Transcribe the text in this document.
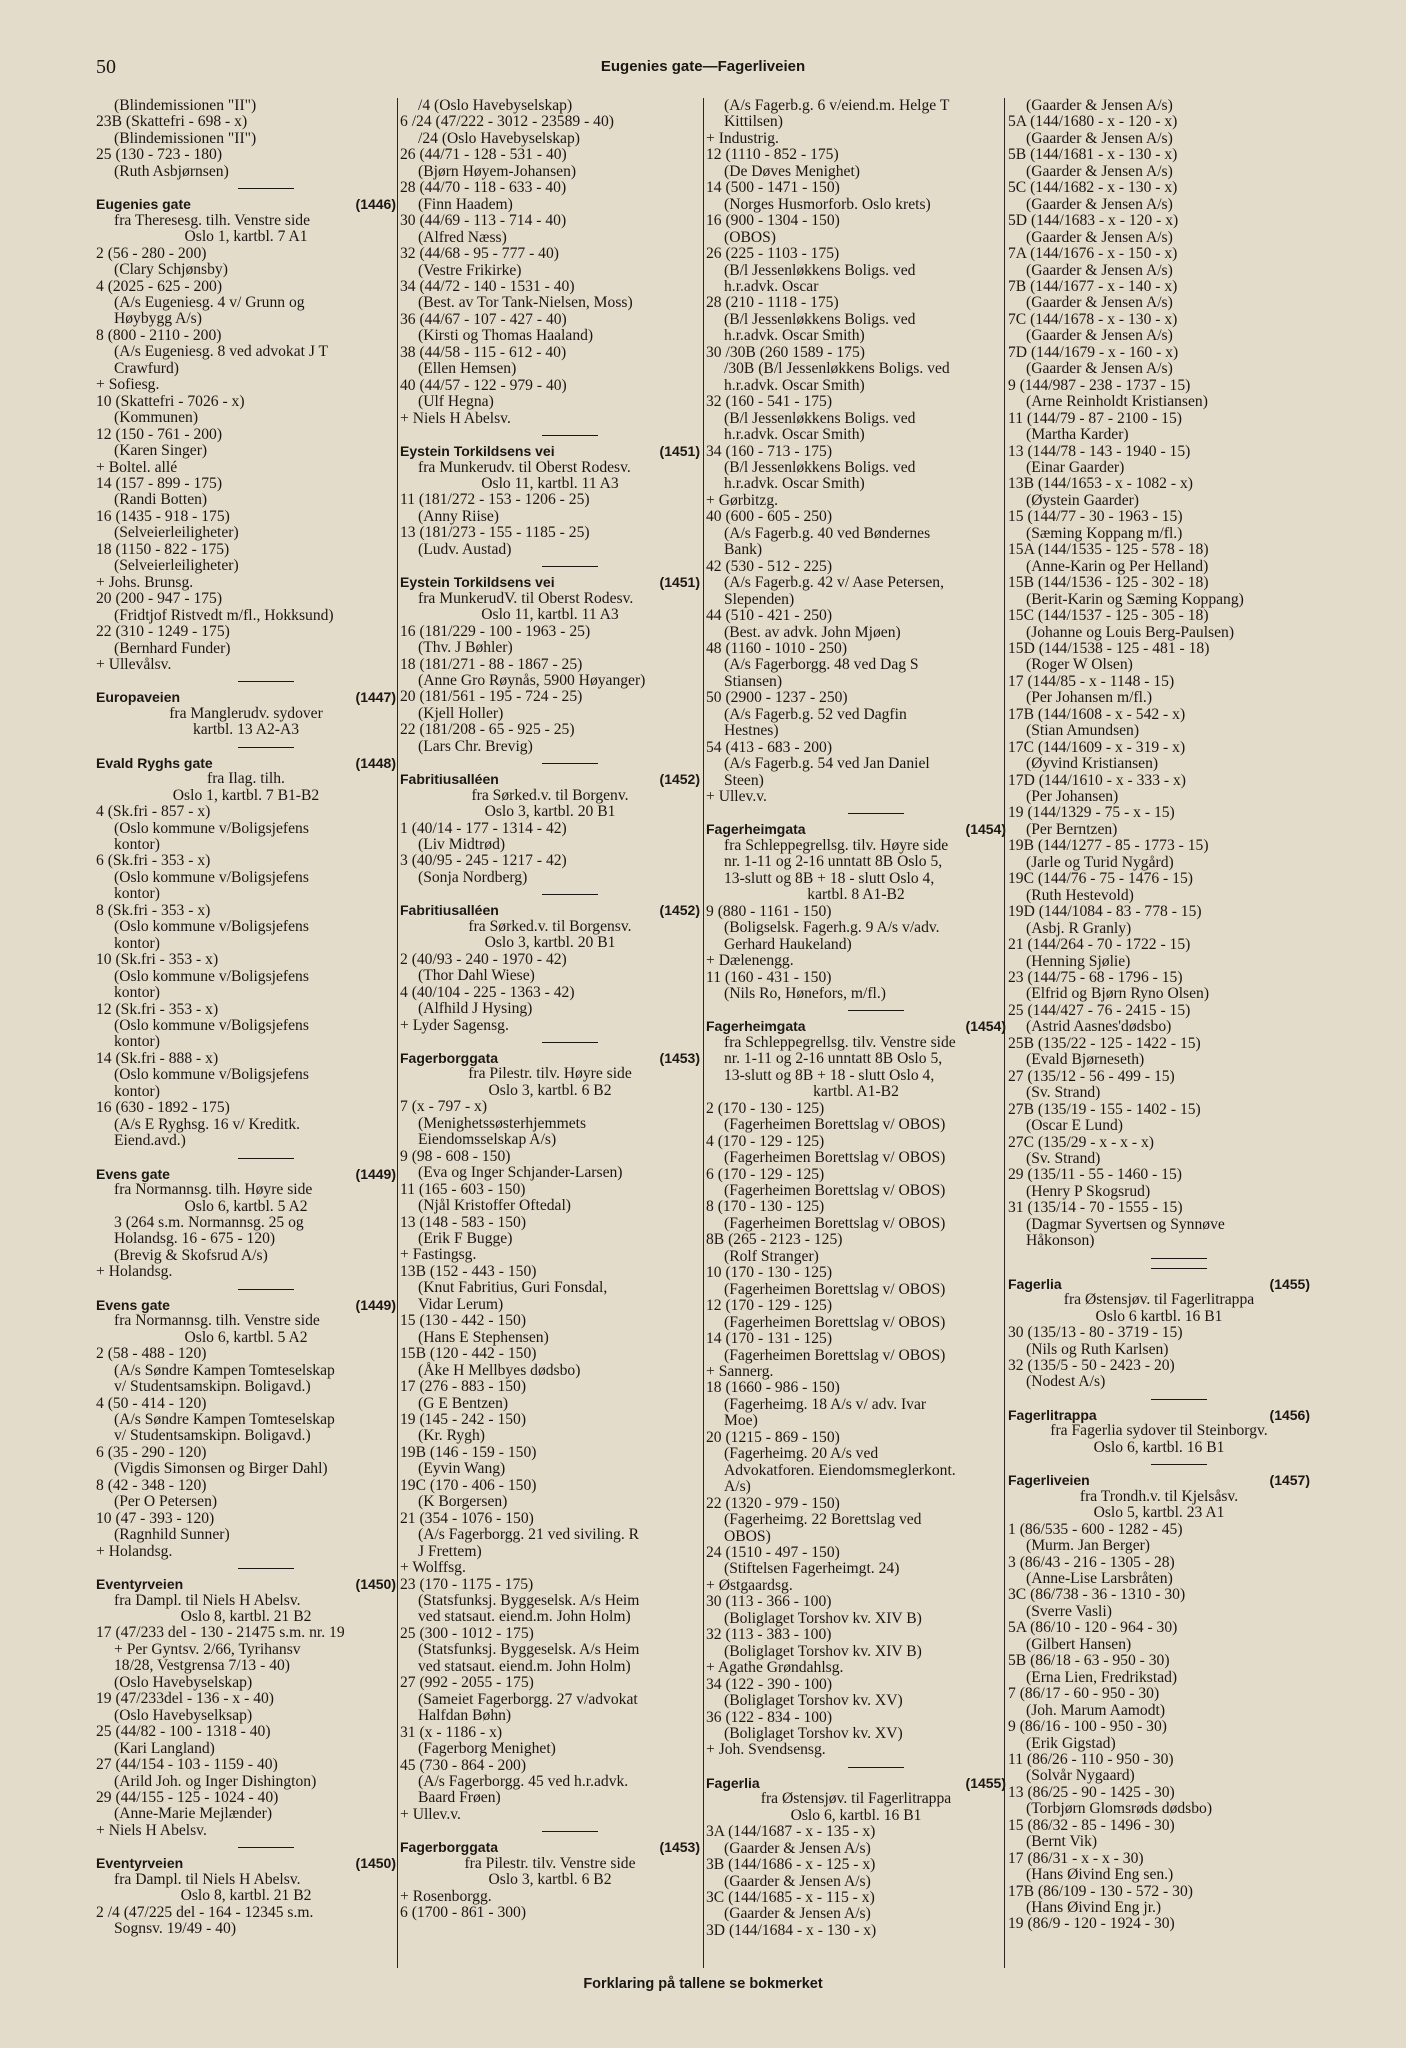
50	Eugenies gate—Fagerliveien
(Blindemissionen "II")
23B (Skattefri - 698 - x)
(Blindemissionen "II")
25 (130 - 723 - 180)
(Ruth Asbjørnsen)
Eugenies gate	(1446)
fra Theresesg. tilh. Venstre side
Oslo 1, kartbl. 7 A1
2 (56 - 280 - 200)
(Clary Schjønsby)
4 (2025 - 625 - 200)
(A/s Eugeniesg. 4 v/ Grunn og
Høybygg A/s)
8 (800 - 2110 - 200)
(A/s Eugeniesg. 8 ved advokat J T
Crawfurd)
+ Sofiesg.
10 (Skattefri - 7026 - x)
(Kommunen)
12 (150 - 761 - 200)
(Karen Singer)
+ Boltel. allé
14 (157 - 899 - 175)
(Randi Botten)
16 (1435 - 918 - 175)
(Selveierleiligheter)
18 (1150 - 822 - 175)
(Selveierleiligheter)
+ Johs. Brunsg.
20 (200 - 947 - 175)
(Fridtjof Ristvedt m/fl., Hokksund)
22 (310 - 1249 - 175)
(Bernhard Funder)
+ Ullevålsv.
Europaveien	(1447)
fra Manglerudv. sydover
kartbl. 13 A2-A3
Evald Ryghs gate	(1448)
fra Ilag. tilh.
Oslo 1, kartbl. 7 B1-B2
4 (Sk.fri - 857 - x)
(Oslo kommune v/Boligsjefens
kontor)
6 (Sk.fri - 353 - x)
(Oslo kommune v/Boligsjefens
kontor)
8 (Sk.fri - 353 - x)
(Oslo kommune v/Boligsjefens
kontor)
10 (Sk.fri - 353 - x)
(Oslo kommune v/Boligsjefens
kontor)
12 (Sk.fri - 353 - x)
(Oslo kommune v/Boligsjefens
kontor)
14 (Sk.fri - 888 - x)
(Oslo kommune v/Boligsjefens
kontor)
16 (630 - 1892 - 175)
(A/s E Ryghsg. 16 v/ Kreditk.
Eiend.avd.)
Evens gate	(1449)
fra Normannsg. tilh. Høyre side
Oslo 6, kartbl. 5 A2
3 (264 s.m. Normannsg. 25 og
Holandsg. 16 - 675 - 120)
(Brevig & Skofsrud A/s)
+ Holandsg.
Evens gate	(1449)
fra Normannsg. tilh. Venstre side
Oslo 6, kartbl. 5 A2
2 (58 - 488 - 120)
(A/s Søndre Kampen Tomteselskap
v/ Studentsamskipn. Boligavd.)
4 (50 - 414 - 120)
(A/s Søndre Kampen Tomteselskap
v/ Studentsamskipn. Boligavd.)
6 (35 - 290 - 120)
(Vigdis Simonsen og Birger Dahl)
8 (42 - 348 - 120)
(Per O Petersen)
10 (47 - 393 - 120)
(Ragnhild Sunner)
+ Holandsg.
Eventyrveien	(1450)
fra Dampl. til Niels H Abelsv.
Oslo 8, kartbl. 21 B2
17 (47/233 del - 130 - 21475 s.m. nr. 19
+ Per Gyntsv. 2/66, Tyrihansv
18/28, Vestgrensa 7/13 - 40)
(Oslo Havebyselskap)
19 (47/233del - 136 - x - 40)
(Oslo Havebyselksap)
25 (44/82 - 100 - 1318 - 40)
(Kari Langland)
27 (44/154 - 103 - 1159 - 40)
(Arild Joh. og Inger Dishington)
29 (44/155 - 125 - 1024 - 40)
(Anne-Marie Mejlænder)
+ Niels H Abelsv.
Eventyrveien	(1450)
fra Dampl. til Niels H Abelsv.
Oslo 8, kartbl. 21 B2
2 /4 (47/225 del - 164 - 12345 s.m.
Sognsv. 19/49 - 40)
/4 (Oslo Havebyselskap)
6 /24 (47/222 - 3012 - 23589 - 40)
/24 (Oslo Havebyselskap)
26 (44/71 - 128 - 531 - 40)
(Bjørn Høyem-Johansen)
28 (44/70 - 118 - 633 - 40)
(Finn Haadem)
30 (44/69 - 113 - 714 - 40)
(Alfred Næss)
32 (44/68 - 95 - 777 - 40)
(Vestre Frikirke)
34 (44/72 - 140 - 1531 - 40)
(Best. av Tor Tank-Nielsen, Moss)
36 (44/67 - 107 - 427 - 40)
(Kirsti og Thomas Haaland)
38 (44/58 - 115 - 612 - 40)
(Ellen Hemsen)
40 (44/57 - 122 - 979 - 40)
(Ulf Hegna)
+ Niels H Abelsv.
Eystein Torkildsens vei	(1451)
fra Munkerudv. til Oberst Rodesv.
Oslo 11, kartbl. 11 A3
11 (181/272 - 153 - 1206 - 25)
(Anny Riise)
13 (181/273 - 155 - 1185 - 25)
(Ludv. Austad)
Eystein Torkildsens vei	(1451)
fra MunkerudV. til Oberst Rodesv.
Oslo 11, kartbl. 11 A3
16 (181/229 - 100 - 1963 - 25)
(Thv. J Bøhler)
18 (181/271 - 88 - 1867 - 25)
(Anne Gro Røynås, 5900 Høyanger)
20 (181/561 - 195 - 724 - 25)
(Kjell Holler)
22 (181/208 - 65 - 925 - 25)
(Lars Chr. Brevig)
Fabritiusalléen	(1452)
fra Sørked.v. til Borgenv.
Oslo 3, kartbl. 20 B1
1 (40/14 - 177 - 1314 - 42)
(Liv Midtrød)
3 (40/95 - 245 - 1217 - 42)
(Sonja Nordberg)
Fabritiusalléen	(1452)
fra Sørked.v. til Borgensv.
Oslo 3, kartbl. 20 B1
2 (40/93 - 240 - 1970 - 42)
(Thor Dahl Wiese)
4 (40/104 - 225 - 1363 - 42)
(Alfhild J Hysing)
+ Lyder Sagensg.
Fagerborggata	(1453)
fra Pilestr. tilv. Høyre side
Oslo 3, kartbl. 6 B2
7 (x - 797 - x)
(Menighetssøsterhjemmets
Eiendomsselskap A/s)
9 (98 - 608 - 150)
(Eva og Inger Schjander-Larsen)
11 (165 - 603 - 150)
(Njål Kristoffer Oftedal)
13 (148 - 583 - 150)
(Erik F Bugge)
+ Fastingsg.
13B (152 - 443 - 150)
(Knut Fabritius, Guri Fonsdal,
Vidar Lerum)
15 (130 - 442 - 150)
(Hans E Stephensen)
15B (120 - 442 - 150)
(Åke H Mellbyes dødsbo)
17 (276 - 883 - 150)
(G E Bentzen)
19 (145 - 242 - 150)
(Kr. Rygh)
19B (146 - 159 - 150)
(Eyvin Wang)
19C (170 - 406 - 150)
(K Borgersen)
21 (354 - 1076 - 150)
(A/s Fagerborgg. 21 ved siviling. R
J Frettem)
+ Wolffsg.
23 (170 - 1175 - 175)
(Statsfunksj. Byggeselsk. A/s Heim
ved statsaut. eiend.m. John Holm)
25 (300 - 1012 - 175)
(Statsfunksj. Byggeselsk. A/s Heim
ved statsaut. eiend.m. John Holm)
27 (992 - 2055 - 175)
(Sameiet Fagerborgg. 27 v/advokat
Halfdan Bøhn)
31 (x - 1186 - x)
(Fagerborg Menighet)
45 (730 - 864 - 200)
(A/s Fagerborgg. 45 ved h.r.advk.
Baard Frøen)
+ Ullev.v.
Fagerborggata	(1453)
fra Pilestr. tilv. Venstre side
Oslo 3, kartbl. 6 B2
+ Rosenborgg.
6 (1700 - 861 - 300)
(A/s Fagerb.g. 6 v/eiend.m. Helge T
Kittilsen)
+ Industrig.
12 (1110 - 852 - 175)
(De Døves Menighet)
14 (500 - 1471 - 150)
(Norges Husmorforb. Oslo krets)
16 (900 - 1304 - 150)
(OBOS)
26 (225 - 1103 - 175)
(B/l Jessenløkkens Boligs. ved
h.r.advk. Oscar
28 (210 - 1118 - 175)
(B/l Jessenløkkens Boligs. ved
h.r.advk. Oscar Smith)
30 /30B (260 1589 - 175)
/30B (B/l Jessenløkkens Boligs. ved
h.r.advk. Oscar Smith)
32 (160 - 541 - 175)
(B/l Jessenløkkens Boligs. ved
h.r.advk. Oscar Smith)
34 (160 - 713 - 175)
(B/l Jessenløkkens Boligs. ved
h.r.advk. Oscar Smith)
+ Gørbitzg.
40 (600 - 605 - 250)
(A/s Fagerb.g. 40 ved Bøndernes
Bank)
42 (530 - 512 - 225)
(A/s Fagerb.g. 42 v/ Aase Petersen,
Slependen)
44 (510 - 421 - 250)
(Best. av advk. John Mjøen)
48 (1160 - 1010 - 250)
(A/s Fagerborgg. 48 ved Dag S
Stiansen)
50 (2900 - 1237 - 250)
(A/s Fagerb.g. 52 ved Dagfin
Hestnes)
54 (413 - 683 - 200)
(A/s Fagerb.g. 54 ved Jan Daniel
Steen)
+ Ullev.v.
Fagerheimgata	(1454)
fra Schleppegrellsg. tilv. Høyre side
nr. 1-11 og 2-16 unntatt 8B Oslo 5,
13-slutt og 8B + 18 - slutt Oslo 4,
kartbl. 8 A1-B2
9 (880 - 1161 - 150)
(Boligselsk. Fagerh.g. 9 A/s v/adv.
Gerhard Haukeland)
+ Dælenengg.
11 (160 - 431 - 150)
(Nils Ro, Hønefors, m/fl.)
Fagerheimgata	(1454)
fra Schleppegrellsg. tilv. Venstre side
nr. 1-11 og 2-16 unntatt 8B Oslo 5,
13-slutt og 8B + 18 - slutt Oslo 4,
kartbl. A1-B2
2 (170 - 130 - 125)
(Fagerheimen Borettslag v/ OBOS)
4 (170 - 129 - 125)
(Fagerheimen Borettslag v/ OBOS)
6 (170 - 129 - 125)
(Fagerheimen Borettslag v/ OBOS)
8 (170 - 130 - 125)
(Fagerheimen Borettslag v/ OBOS)
8B (265 - 2123 - 125)
(Rolf Stranger)
10 (170 - 130 - 125)
(Fagerheimen Borettslag v/ OBOS)
12 (170 - 129 - 125)
(Fagerheimen Borettslag v/ OBOS)
14 (170 - 131 - 125)
(Fagerheimen Borettslag v/ OBOS)
+ Sannerg.
18 (1660 - 986 - 150)
(Fagerheimg. 18 A/s v/ adv. Ivar
Moe)
20 (1215 - 869 - 150)
(Fagerheimg. 20 A/s ved
Advokatforen. Eiendomsmeglerkont.
A/s)
22 (1320 - 979 - 150)
(Fagerheimg. 22 Borettslag ved
OBOS)
24 (1510 - 497 - 150)
(Stiftelsen Fagerheimgt. 24)
+ Østgaardsg.
30 (113 - 366 - 100)
(Boliglaget Torshov kv. XIV B)
32 (113 - 383 - 100)
(Boliglaget Torshov kv. XIV B)
+ Agathe Grøndahlsg.
34 (122 - 390 - 100)
(Boliglaget Torshov kv. XV)
36 (122 - 834 - 100)
(Boliglaget Torshov kv. XV)
+ Joh. Svendsensg.
Fagerlia	(1455)
fra Østensjøv. til Fagerlitrappa
Oslo 6, kartbl. 16 B1
3A (144/1687 - x - 135 - x)
(Gaarder & Jensen A/s)
3B (144/1686 - x - 125 - x)
(Gaarder & Jensen A/s)
3C (144/1685 - x - 115 - x)
(Gaarder & Jensen A/s)
3D (144/1684 - x - 130 - x)
(Gaarder & Jensen A/s)
5A (144/1680 - x - 120 - x)
(Gaarder & Jensen A/s)
5B (144/1681 - x - 130 - x)
(Gaarder & Jensen A/s)
5C (144/1682 - x - 130 - x)
(Gaarder & Jensen A/s)
5D (144/1683 - x - 120 - x)
(Gaarder & Jensen A/s)
7A (144/1676 - x - 150 - x)
(Gaarder & Jensen A/s)
7B (144/1677 - x - 140 - x)
(Gaarder & Jensen A/s)
7C (144/1678 - x - 130 - x)
(Gaarder & Jensen A/s)
7D (144/1679 - x - 160 - x)
(Gaarder & Jensen A/s)
9 (144/987 - 238 - 1737 - 15)
(Arne Reinholdt Kristiansen)
11 (144/79 - 87 - 2100 - 15)
(Martha Karder)
13 (144/78 - 143 - 1940 - 15)
(Einar Gaarder)
13B (144/1653 - x - 1082 - x)
(Øystein Gaarder)
15 (144/77 - 30 - 1963 - 15)
(Sæming Koppang m/fl.)
15A (144/1535 - 125 - 578 - 18)
(Anne-Karin og Per Helland)
15B (144/1536 - 125 - 302 - 18)
(Berit-Karin og Sæming Koppang)
15C (144/1537 - 125 - 305 - 18)
(Johanne og Louis Berg-Paulsen)
15D (144/1538 - 125 - 481 - 18)
(Roger W Olsen)
17 (144/85 - x - 1148 - 15)
(Per Johansen m/fl.)
17B (144/1608 - x - 542 - x)
(Stian Amundsen)
17C (144/1609 - x - 319 - x)
(Øyvind Kristiansen)
17D (144/1610 - x - 333 - x)
(Per Johansen)
19 (144/1329 - 75 - x - 15)
(Per Berntzen)
19B (144/1277 - 85 - 1773 - 15)
(Jarle og Turid Nygård)
19C (144/76 - 75 - 1476 - 15)
(Ruth Hestevold)
19D (144/1084 - 83 - 778 - 15)
(Asbj. R Granly)
21 (144/264 - 70 - 1722 - 15)
(Henning Sjølie)
23 (144/75 - 68 - 1796 - 15)
(Elfrid og Bjørn Ryno Olsen)
25 (144/427 - 76 - 2415 - 15)
(Astrid Aasnes'dødsbo)
25B (135/22 - 125 - 1422 - 15)
(Evald Bjørneseth)
27 (135/12 - 56 - 499 - 15)
(Sv. Strand)
27B (135/19 - 155 - 1402 - 15)
(Oscar E Lund)
27C (135/29 - x - x - x)
(Sv. Strand)
29 (135/11 - 55 - 1460 - 15)
(Henry P Skogsrud)
31 (135/14 - 70 - 1555 - 15)
(Dagmar Syvertsen og Synnøve
Håkonson)
Fagerlia	(1455)
fra Østensjøv. til Fagerlitrappa
Oslo 6 kartbl. 16 B1
30 (135/13 - 80 - 3719 - 15)
(Nils og Ruth Karlsen)
32 (135/5 - 50 - 2423 - 20)
(Nodest A/s)
Fagerlitrappa	(1456)
fra Fagerlia sydover til Steinborgv.
Oslo 6, kartbl. 16 B1
Fagerliveien	(1457)
fra Trondh.v. til Kjelsåsv.
Oslo 5, kartbl. 23 A1
1 (86/535 - 600 - 1282 - 45)
(Murm. Jan Berger)
3 (86/43 - 216 - 1305 - 28)
(Anne-Lise Larsbråten)
3C (86/738 - 36 - 1310 - 30)
(Sverre Vasli)
5A (86/10 - 120 - 964 - 30)
(Gilbert Hansen)
5B (86/18 - 63 - 950 - 30)
(Erna Lien, Fredrikstad)
7 (86/17 - 60 - 950 - 30)
(Joh. Marum Aamodt)
9 (86/16 - 100 - 950 - 30)
(Erik Gigstad)
11 (86/26 - 110 - 950 - 30)
(Solvår Nygaard)
13 (86/25 - 90 - 1425 - 30)
(Torbjørn Glomsrøds dødsbo)
15 (86/32 - 85 - 1496 - 30)
(Bernt Vik)
17 (86/31 - x - x - 30)
(Hans Øivind Eng sen.)
17B (86/109 - 130 - 572 - 30)
(Hans Øivind Eng jr.)
19 (86/9 - 120 - 1924 - 30)
Forklaring på tallene se bokmerket
